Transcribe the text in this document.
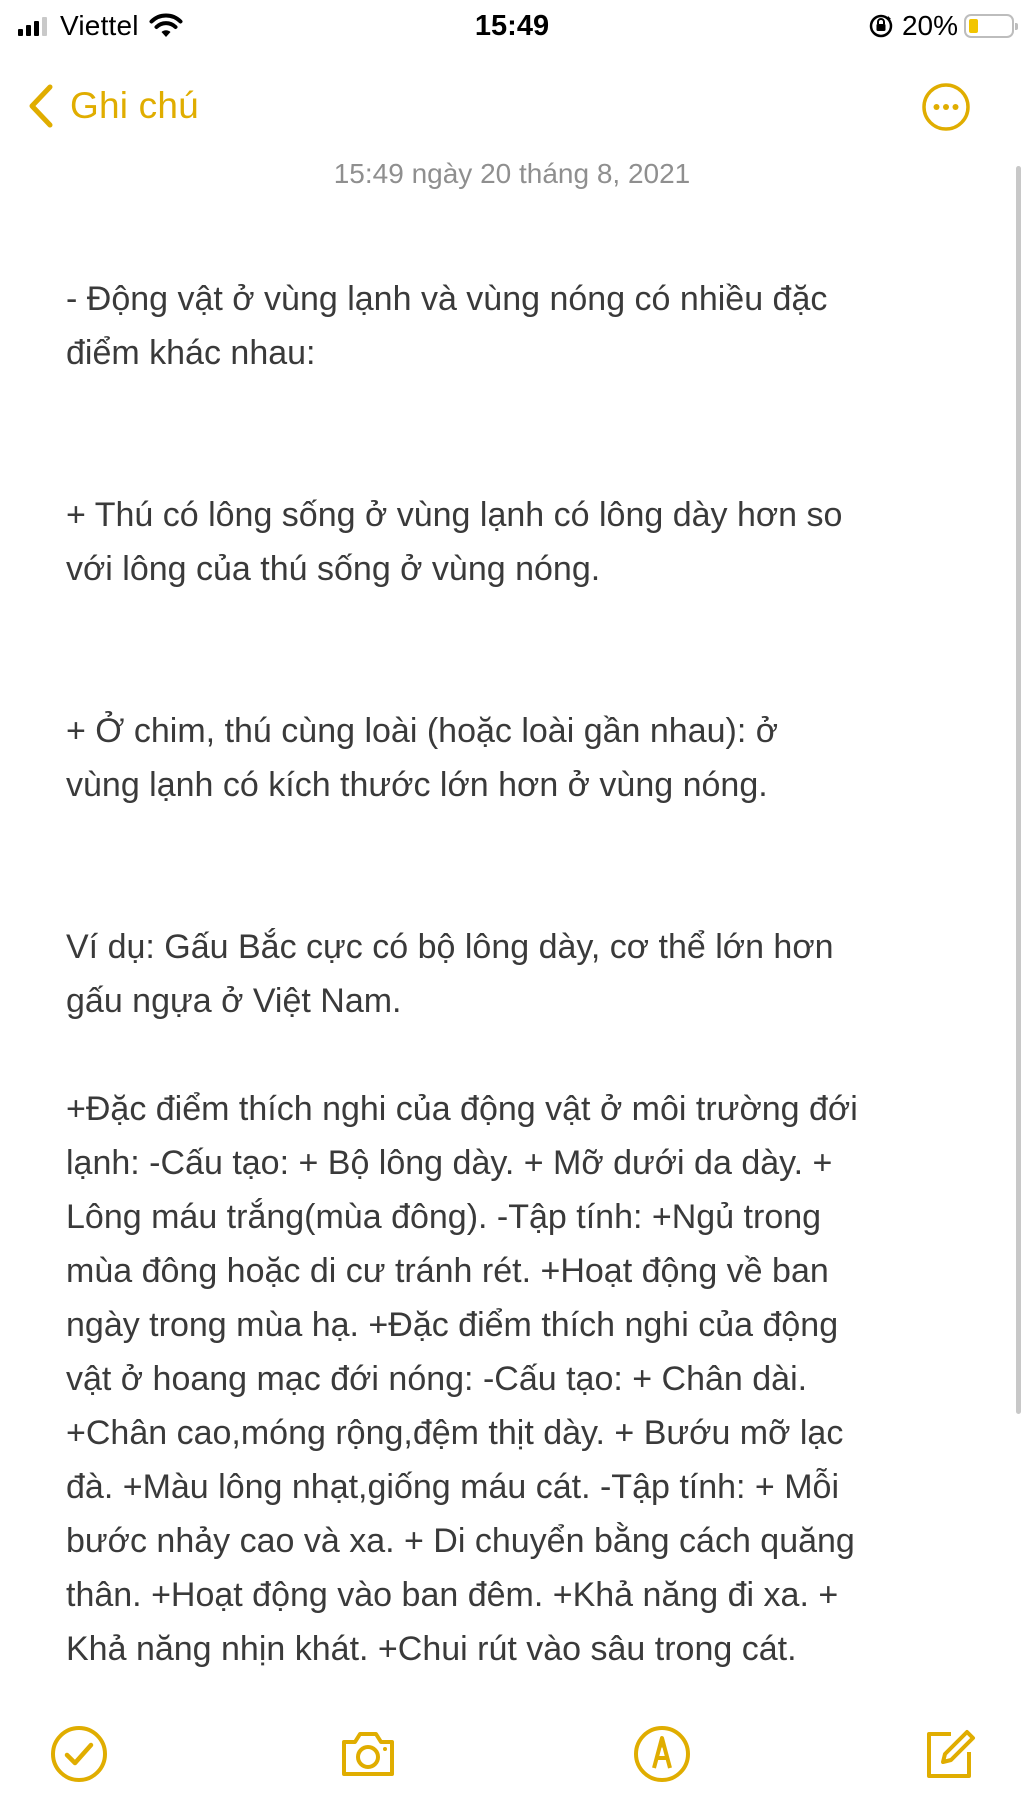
Viettel	15:49	20%
Ghi chú
15:49 ngày 20 tháng 8, 2021

- Động vật ở vùng lạnh và vùng nóng có nhiều đặc
điểm khác nhau:

+ Thú có lông sống ở vùng lạnh có lông dày hơn so
với lông của thú sống ở vùng nóng.

+ Ở chim, thú cùng loài (hoặc loài gần nhau): ở
vùng lạnh có kích thước lớn hơn ở vùng nóng.

Ví dụ: Gấu Bắc cực có bộ lông dày, cơ thể lớn hơn
gấu ngựa ở Việt Nam.

+Đặc điểm thích nghi của động vật ở môi trường đới
lạnh: -Cấu tạo: + Bộ lông dày. + Mỡ dưới da dày. +
Lông máu trắng(mùa đông). -Tập tính: +Ngủ trong
mùa đông hoặc di cư tránh rét. +Hoạt động về ban
ngày trong mùa hạ. +Đặc điểm thích nghi của động
vật ở hoang mạc đới nóng: -Cấu tạo: + Chân dài.
+Chân cao,móng rộng,đệm thịt dày. + Bướu mỡ lạc
đà. +Màu lông nhạt,giống máu cát. -Tập tính: + Mỗi
bước nhảy cao và xa. + Di chuyển bằng cách quăng
thân. +Hoạt động vào ban đêm. +Khả năng đi xa. +
Khả năng nhịn khát. +Chui rút vào sâu trong cát.
